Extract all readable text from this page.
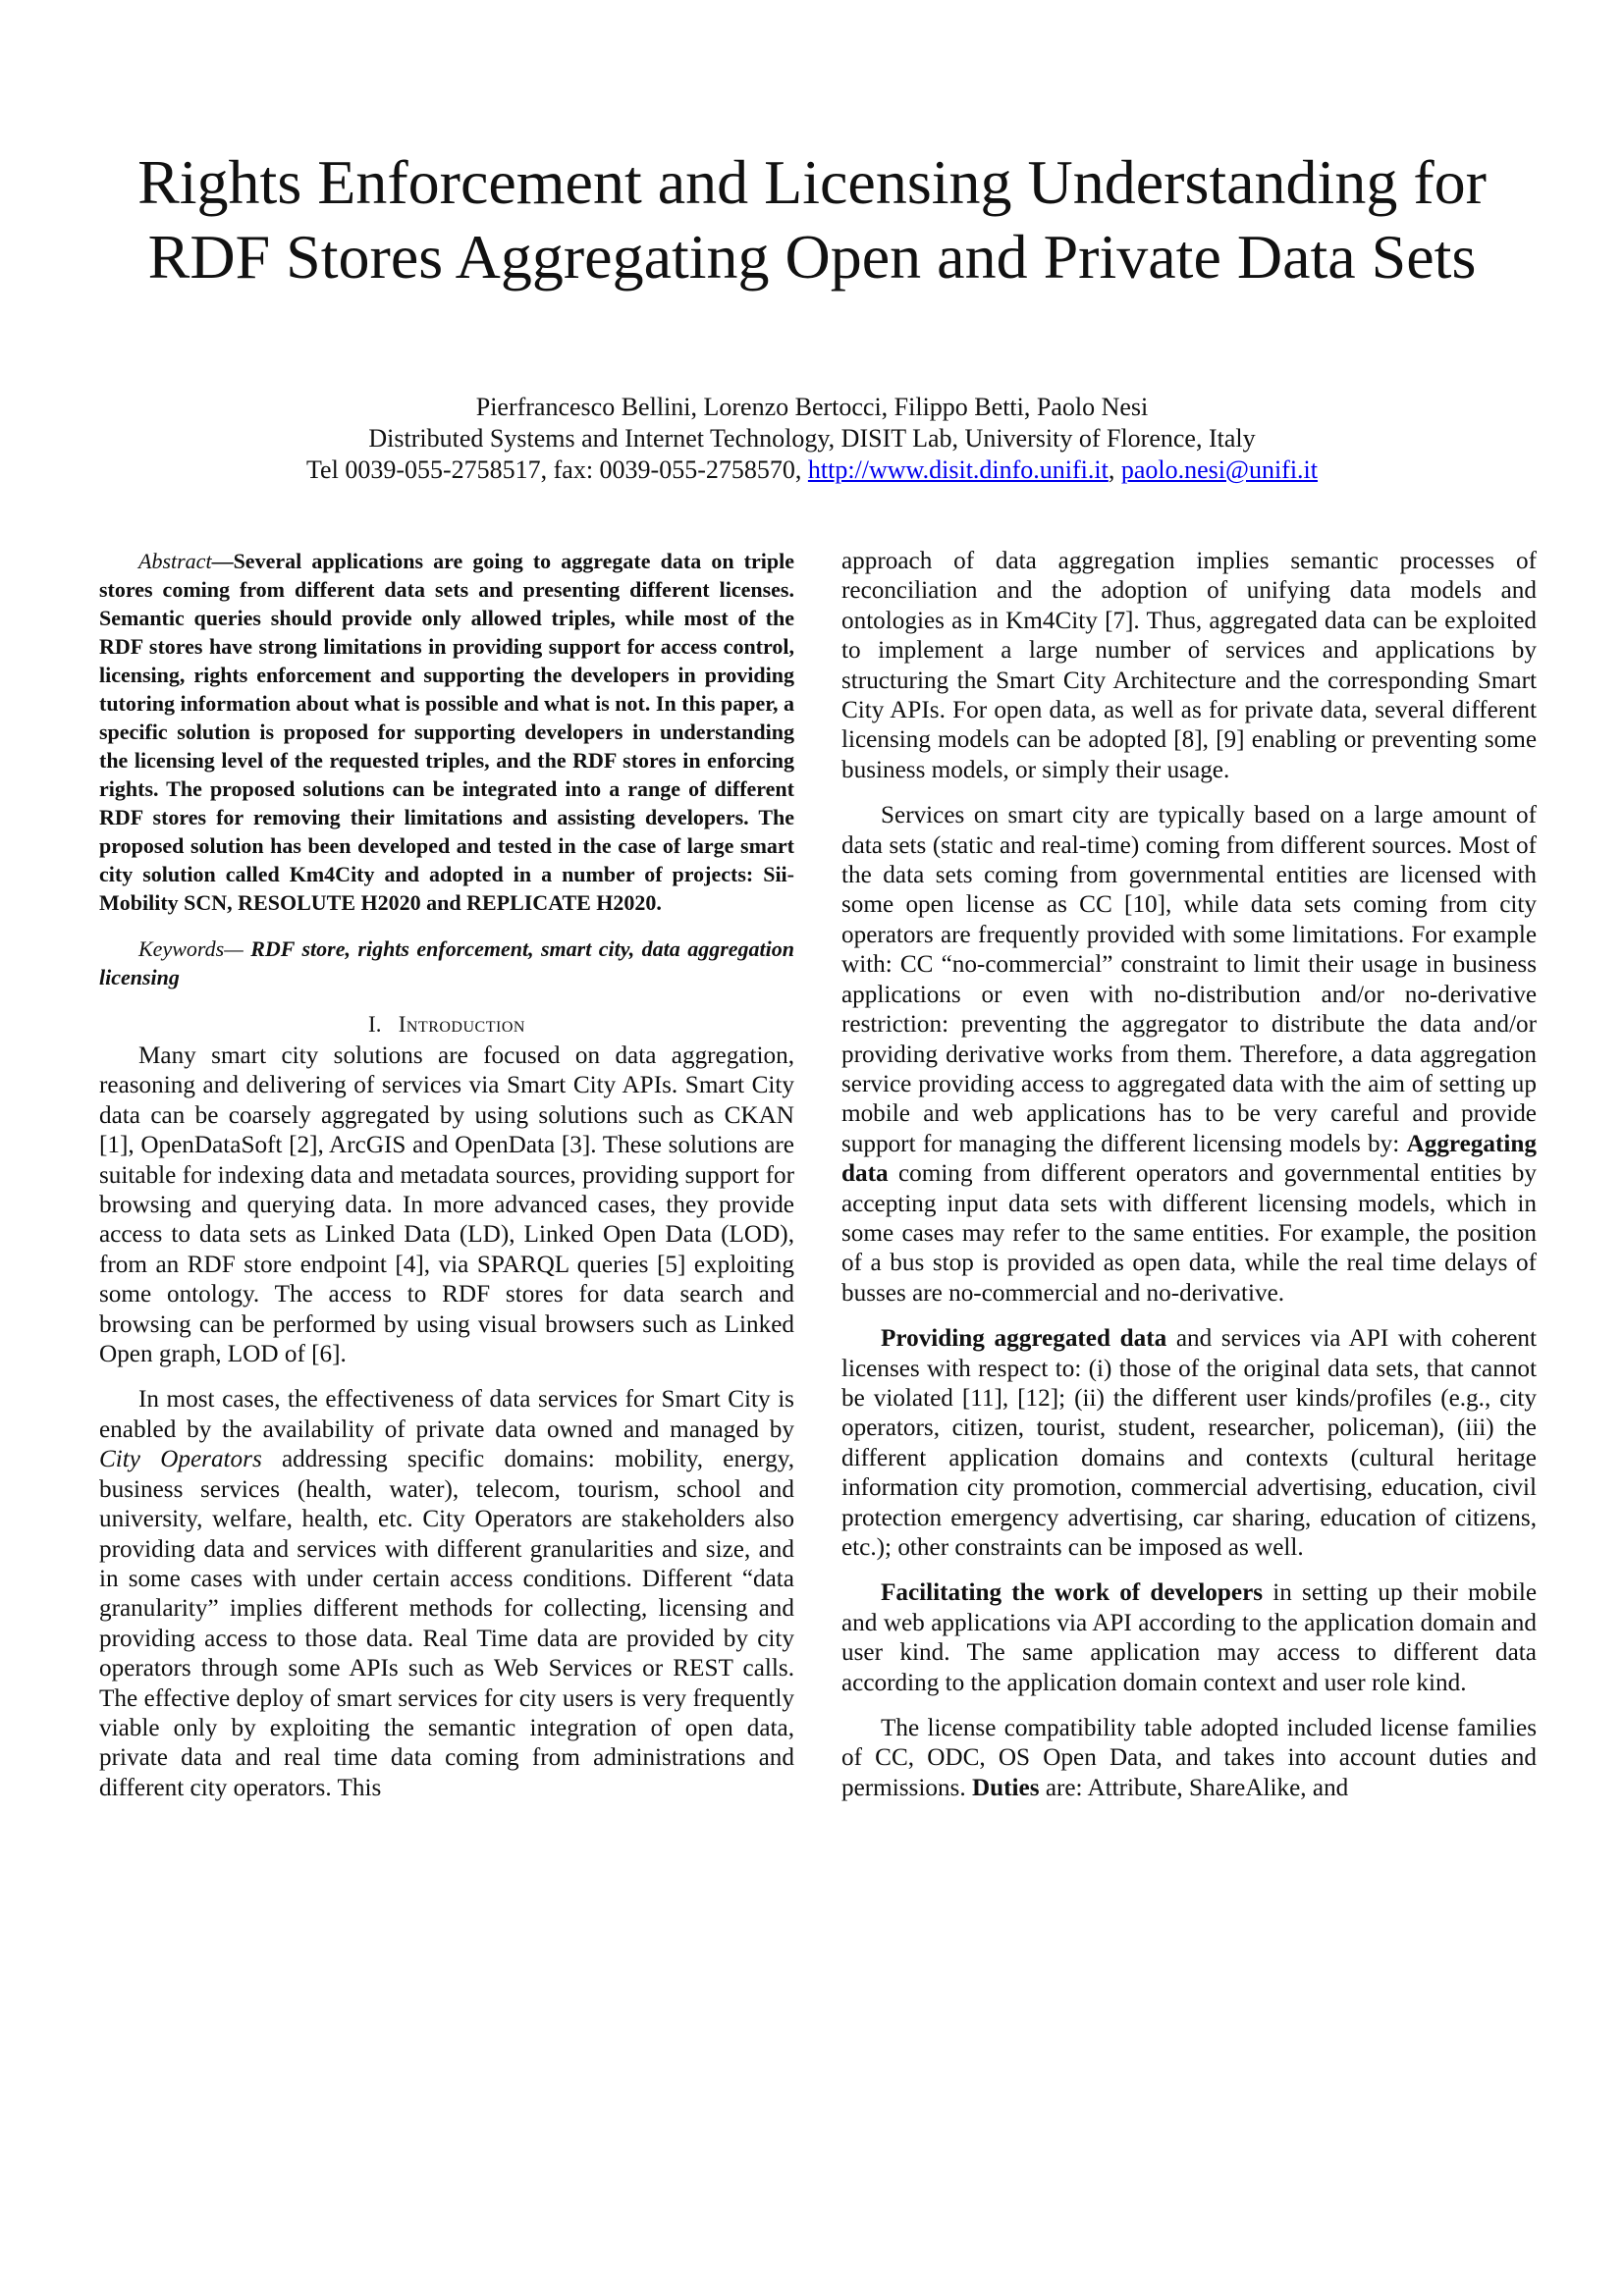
Rights Enforcement and Licensing Understanding for RDF Stores Aggregating Open and Private Data Sets
Pierfrancesco Bellini, Lorenzo Bertocci, Filippo Betti, Paolo Nesi
Distributed Systems and Internet Technology, DISIT Lab, University of Florence, Italy
Tel 0039-055-2758517, fax: 0039-055-2758570, http://www.disit.dinfo.unifi.it, paolo.nesi@unifi.it

Abstract—Several applications are going to aggregate data on triple stores coming from different data sets and presenting different licenses. Semantic queries should provide only allowed triples, while most of the RDF stores have strong limitations in providing support for access control, licensing, rights enforcement and supporting the developers in providing tutoring information about what is possible and what is not. In this paper, a specific solution is proposed for supporting developers in understanding the licensing level of the requested triples, and the RDF stores in enforcing rights. The proposed solutions can be integrated into a range of different RDF stores for removing their limitations and assisting developers. The proposed solution has been developed and tested in the case of large smart city solution called Km4City and adopted in a number of projects: Sii-Mobility SCN, RESOLUTE H2020 and REPLICATE H2020.

Keywords— RDF store, rights enforcement, smart city, data aggregation licensing

I. Introduction

Many smart city solutions are focused on data aggregation, reasoning and delivering of services via Smart City APIs. Smart City data can be coarsely aggregated by using solutions such as CKAN [1], OpenDataSoft [2], ArcGIS and OpenData [3]. These solutions are suitable for indexing data and metadata sources, providing support for browsing and querying data. In more advanced cases, they provide access to data sets as Linked Data (LD), Linked Open Data (LOD), from an RDF store endpoint [4], via SPARQL queries [5] exploiting some ontology. The access to RDF stores for data search and browsing can be performed by using visual browsers such as Linked Open graph, LOD of [6].

In most cases, the effectiveness of data services for Smart City is enabled by the availability of private data owned and managed by City Operators addressing specific domains: mobility, energy, business services (health, water), telecom, tourism, school and university, welfare, health, etc. City Operators are stakeholders also providing data and services with different granularities and size, and in some cases with under certain access conditions. Different “data granularity” implies different methods for collecting, licensing and providing access to those data. Real Time data are provided by city operators through some APIs such as Web Services or REST calls. The effective deploy of smart services for city users is very frequently viable only by exploiting the semantic integration of open data, private data and real time data coming from administrations and different city operators. This

approach of data aggregation implies semantic processes of reconciliation and the adoption of unifying data models and ontologies as in Km4City [7]. Thus, aggregated data can be exploited to implement a large number of services and applications by structuring the Smart City Architecture and the corresponding Smart City APIs. For open data, as well as for private data, several different licensing models can be adopted [8], [9] enabling or preventing some business models, or simply their usage.

Services on smart city are typically based on a large amount of data sets (static and real-time) coming from different sources. Most of the data sets coming from governmental entities are licensed with some open license as CC [10], while data sets coming from city operators are frequently provided with some limitations. For example with: CC “no-commercial” constraint to limit their usage in business applications or even with no-distribution and/or no-derivative restriction: preventing the aggregator to distribute the data and/or providing derivative works from them. Therefore, a data aggregation service providing access to aggregated data with the aim of setting up mobile and web applications has to be very careful and provide support for managing the different licensing models by: Aggregating data coming from different operators and governmental entities by accepting input data sets with different licensing models, which in some cases may refer to the same entities. For example, the position of a bus stop is provided as open data, while the real time delays of busses are no-commercial and no-derivative.

Providing aggregated data and services via API with coherent licenses with respect to: (i) those of the original data sets, that cannot be violated [11], [12]; (ii) the different user kinds/profiles (e.g., city operators, citizen, tourist, student, researcher, policeman), (iii) the different application domains and contexts (cultural heritage information city promotion, commercial advertising, education, civil protection emergency advertising, car sharing, education of citizens, etc.); other constraints can be imposed as well.

Facilitating the work of developers in setting up their mobile and web applications via API according to the application domain and user kind. The same application may access to different data according to the application domain context and user role kind.

The license compatibility table adopted included license families of CC, ODC, OS Open Data, and takes into account duties and permissions. Duties are: Attribute, ShareAlike, and
